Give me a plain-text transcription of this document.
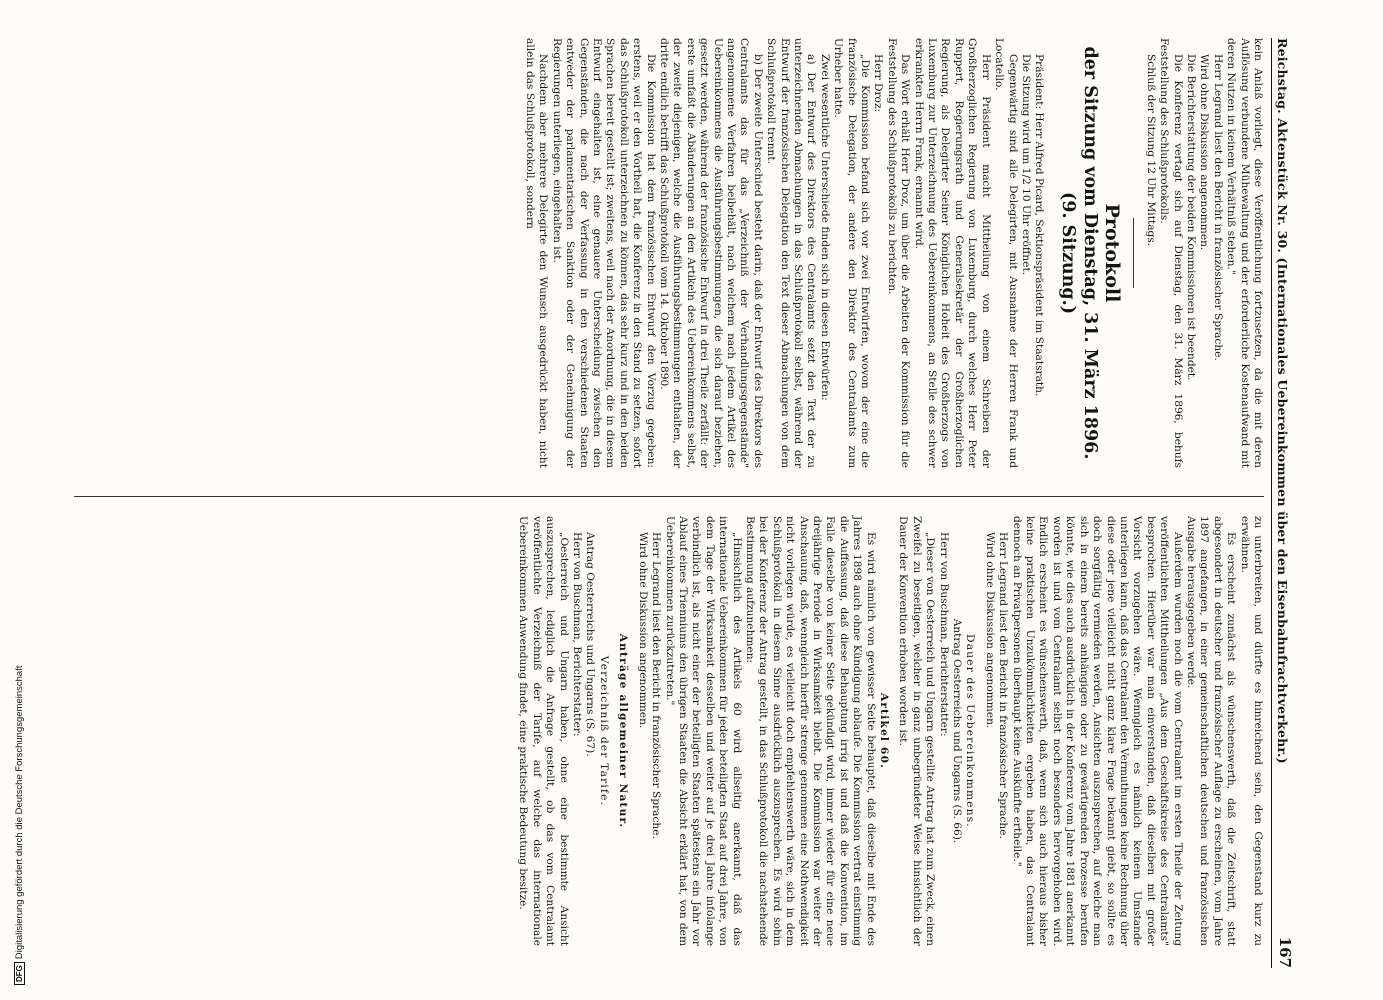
Reichstag. Aktenstück Nr. 30. (Internationales Uebereinkommen über den Eisenbahnfrachtverkehr.)
167

kein Anlaß vorliegt, diese Veröffentlichung fortzusetzen, da die mit deren Auflösung verbundene Mühewaltung und der erforderliche Kostenaufwand mit deren Nutzen in keinem Verhältniß stehen."

Herr Legrand liest den Bericht in französischer Sprache.

Wird ohne Diskussion angenommen.

Die Berichterstattung der beiden Kommissionen ist beendet.

Die Konferenz vertagt sich auf Dienstag, den 31. März 1896, behufs Feststellung des Schlußprotokolls.

Schluß der Sitzung 12 Uhr Mittags.

Protokoll
der Sitzung vom Dienstag, 31. März 1896. (9. Sitzung.)

Präsident: Herr Alfred Picard, Sektionspräsident im Staatsrath.

Die Sitzung wird um 1/2 10 Uhr eröffnet.

Gegenwärtig sind alle Delegirten, mit Ausnahme der Herren Frank und Locatello.

Herr Präsident macht Mittheilung von einem Schreiben der Großherzoglichen Regierung von Luxemburg, durch welches Herr Peter Ruppert, Regierungsrath und Generalsekretär der Großherzoglichen Regierung, als Delegirter Seiner Königlichen Hoheit des Großherzogs von Luxemburg zur Unterzeichnung des Uebereinkommens, an Stelle des schwer erkrankten Herrn Frank, ernannt wird.

Das Wort erhält Herr Droz, um über die Arbeiten der Kommission für die Feststellung des Schlußprotokolls zu berichten.

Herr Droz:

„Die Kommission befand sich vor zwei Entwürfen, wovon der eine die französische Delegation, der andere den Direktor des Centralamts zum Urheber hatte.

Zwei wesentliche Unterschiede finden sich in diesen Entwürfen:

a) Der Entwurf des Direktors des Centralamts setzt den Text der zu unterzeichnenden Abmachungen in das Schlußprotokoll selbst, während der Entwurf der französischen Delegation den Text dieser Abmachungen von dem Schlußprotokoll trennt.

b) Der zweite Unterschied besteht darin, daß der Entwurf des Direktors des Centralamts das für das „Verzeichniß der Verhandlungsgegenstände" angenommene Verfahren beibehält, nach welchem nach jedem Artikel des Uebereinkommens die Ausführungsbestimmungen, die sich darauf beziehen, gesetzt werden, während der französische Entwurf in drei Theile zerfällt: der erste umfaßt die Abänderungen an den Artikeln des Uebereinkommens selbst, der zweite diejenigen, welche die Ausführungsbestimmungen enthalten, der dritte endlich betrifft das Schlußprotokoll vom 14. Oktober 1890.

Die Kommission hat dem französischen Entwurf den Vorzug gegeben: erstens, weil er den Vortheil hat, die Konferenz in den Stand zu setzen, sofort das Schlußprotokoll unterzeichnen zu können, das sehr kurz und in den beiden Sprachen bereit gestellt ist; zweitens, weil nach der Anordnung, die in diesem Entwurf eingehalten ist, eine genauere Unterscheidung zwischen den Gegenständen, die nach der Verfassung in den verschiedenen Staaten entweder der parlamentarischen Sanktion oder der Genehmigung der Regierungen unterliegen, eingehalten ist.

Nachdem aber mehrere Delegirte den Wunsch ausgedrückt haben, nicht allein das Schlußprotokoll, sondern

zu unterbreiten, und dürfte es hinreichend sein, den Gegenstand kurz zu erwähnen.

Es erscheint zunächst als wünschenswerth, daß die Zeitschrift, statt abgesondert in deutscher und französischer Auflage zu erscheinen, vom Jahre 1897 angefangen, in einer gemeinschaftlichen deutschen und französischen Ausgabe herausgegeben werde.

Außerdem wurden noch die vom Centralamt im ersten Theile der Zeitung veröffentlichten Mittheilungen „Aus dem Geschäftskreise des Centralamts" besprochen. Hierüber war man einverstanden, daß dieselben mit großer Vorsicht vorzugehen wäre. Wenngleich es nämlich keinem Umstande unterliegen kann, daß das Centralamt den Vermuthungen keine Rechnung über diese oder jene vielleicht nicht ganz klare Frage bekannt giebt, so sollte es doch sorgfältig vermieden werden, Ansichten auszusprechen, auf welche man sich in einem bereits anhängigen oder zu gewärtigenden Prozesse berufen könnte, wie dies auch ausdrücklich in der Konferenz vom Jahre 1881 anerkannt worden ist und vom Centralamt selbst noch besonders hervorgehoben wird. Endlich erscheint es wünschenswerth, daß, wenn sich auch hieraus bisher keine praktischen Unzukömmlichkeiten ergeben haben, das Centralamt dennoch an Privatpersonen überhaupt keine Auskünfte ertheile."

Herr Legrand liest den Bericht in französischer Sprache.

Wird ohne Diskussion angenommen.

Dauer des Uebereinkommens.

Antrag Oesterreichs und Ungarns (S. 66).

Herr von Buschman, Berichterstatter:

„Dieser von Oesterreich und Ungarn gestellte Antrag hat zum Zweck, einen Zweifel zu beseitigen, welcher in ganz unbegründeter Weise hinsichtlich der Dauer der Konvention erhoben worden ist.

Artikel 60.

Es wird nämlich von gewisser Seite behauptet, daß dieselbe mit Ende des Jahres 1898 auch ohne Kündigung ablaufe. Die Kommission vertrat einstimmig die Auffassung, daß diese Behauptung irrig ist und daß die Konvention, im Falle dieselbe von keiner Seite gekündigt wird, immer wieder für eine neue dreijährige Periode in Wirksamkeit bleibt. Die Kommission war weiter der Anschauung, daß, wenngleich hierfür strenge genommen eine Nothwendigkeit nicht vorliegen würde, es vielleicht doch empfehlenswerth wäre, sich in dem Schlußprotokoll in diesem Sinne ausdrücklich auszusprechen. Es wird sohin bei der Konferenz der Antrag gestellt, in das Schlußprotokoll die nachstehende Bestimmung aufzunehmen:

„Hinsichtlich des Artikels 60 wird allseitig anerkannt, daß das internationale Uebereinkommen für jeden beteiligten Staat auf drei Jahre, von dem Tage der Wirksamkeit desselben und weiter auf je drei Jahre infolange verbindlich ist, als nicht einer der beteiligten Staaten spätestens ein Jahr vor Ablauf eines Trienniums den übrigen Staaten die Absicht erklärt hat, von dem Uebereinkommen zurückzutreten."

Herr Legrand liest den Bericht in französischer Sprache.

Wird ohne Diskussion angenommen.

Anträge allgemeiner Natur.
Verzeichniß der Tarife.

Antrag Oesterreichs und Ungarns (S. 67).

Herr von Buschman, Berichterstatter:

„Oesterreich und Ungarn haben, ohne eine bestimmte Ansicht auszusprechen, lediglich die Anfrage gestellt, ob das vom Centralamt veröffentlichte Verzeichniß der Tarife, auf welche das internationale Uebereinkommen Anwendung findet, eine praktische Bedeutung besitze.

DFGDigitalisierung gefördert durch die Deutsche Forschungsgemeinschaft
